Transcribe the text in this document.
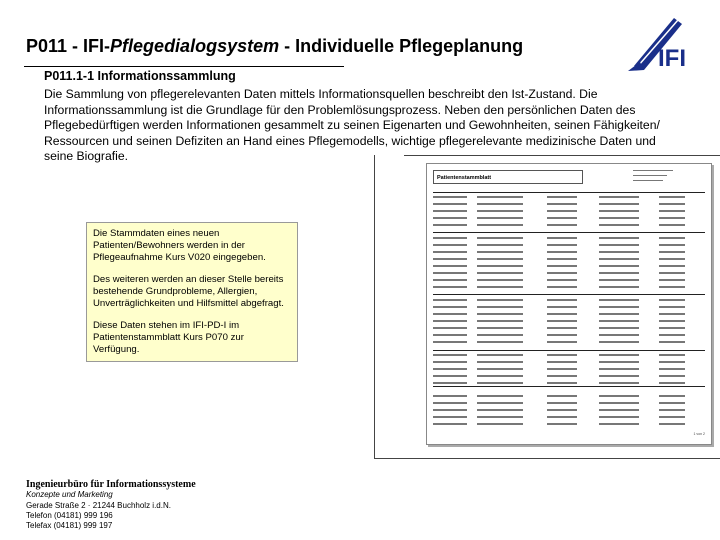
P011 - IFI-Pflegedialogsystem - Individuelle Pflegeplanung	IFI
P011.1-1 Informationssammlung
Die Sammlung von pflegerelevanten Daten mittels Informationsquellen beschreibt den Ist-Zustand. Die Informationssammlung ist die Grundlage für den Problemlösungsprozess. Neben den persönlichen Daten des Pflegebedürftigen werden Informationen gesammelt zu seinen Eigenarten und Gewohnheiten, seinen Fähigkeiten/ Ressourcen und seinen Defiziten an Hand eines Pflegemodells, wichtige pflegerelevante medizinische Daten und seine Biografie.

Die Stammdaten eines neuen Patienten/Bewohners werden in der Pflegeaufnahme Kurs V020 eingegeben.

Des weiteren werden an dieser Stelle bereits bestehende Grundprobleme, Allergien, Unverträglichkeiten und Hilfsmittel abgefragt.

Diese Daten stehen im IFI-PD-I im Patientenstammblatt Kurs P070 zur Verfügung.

Patientenstammblatt
1 von 2
Ingenieurbüro für Informationssysteme
Konzepte und Marketing
Gerade Straße 2 · 21244 Buchholz i.d.N.
Telefon (04181) 999 196
Telefax (04181) 999 197
